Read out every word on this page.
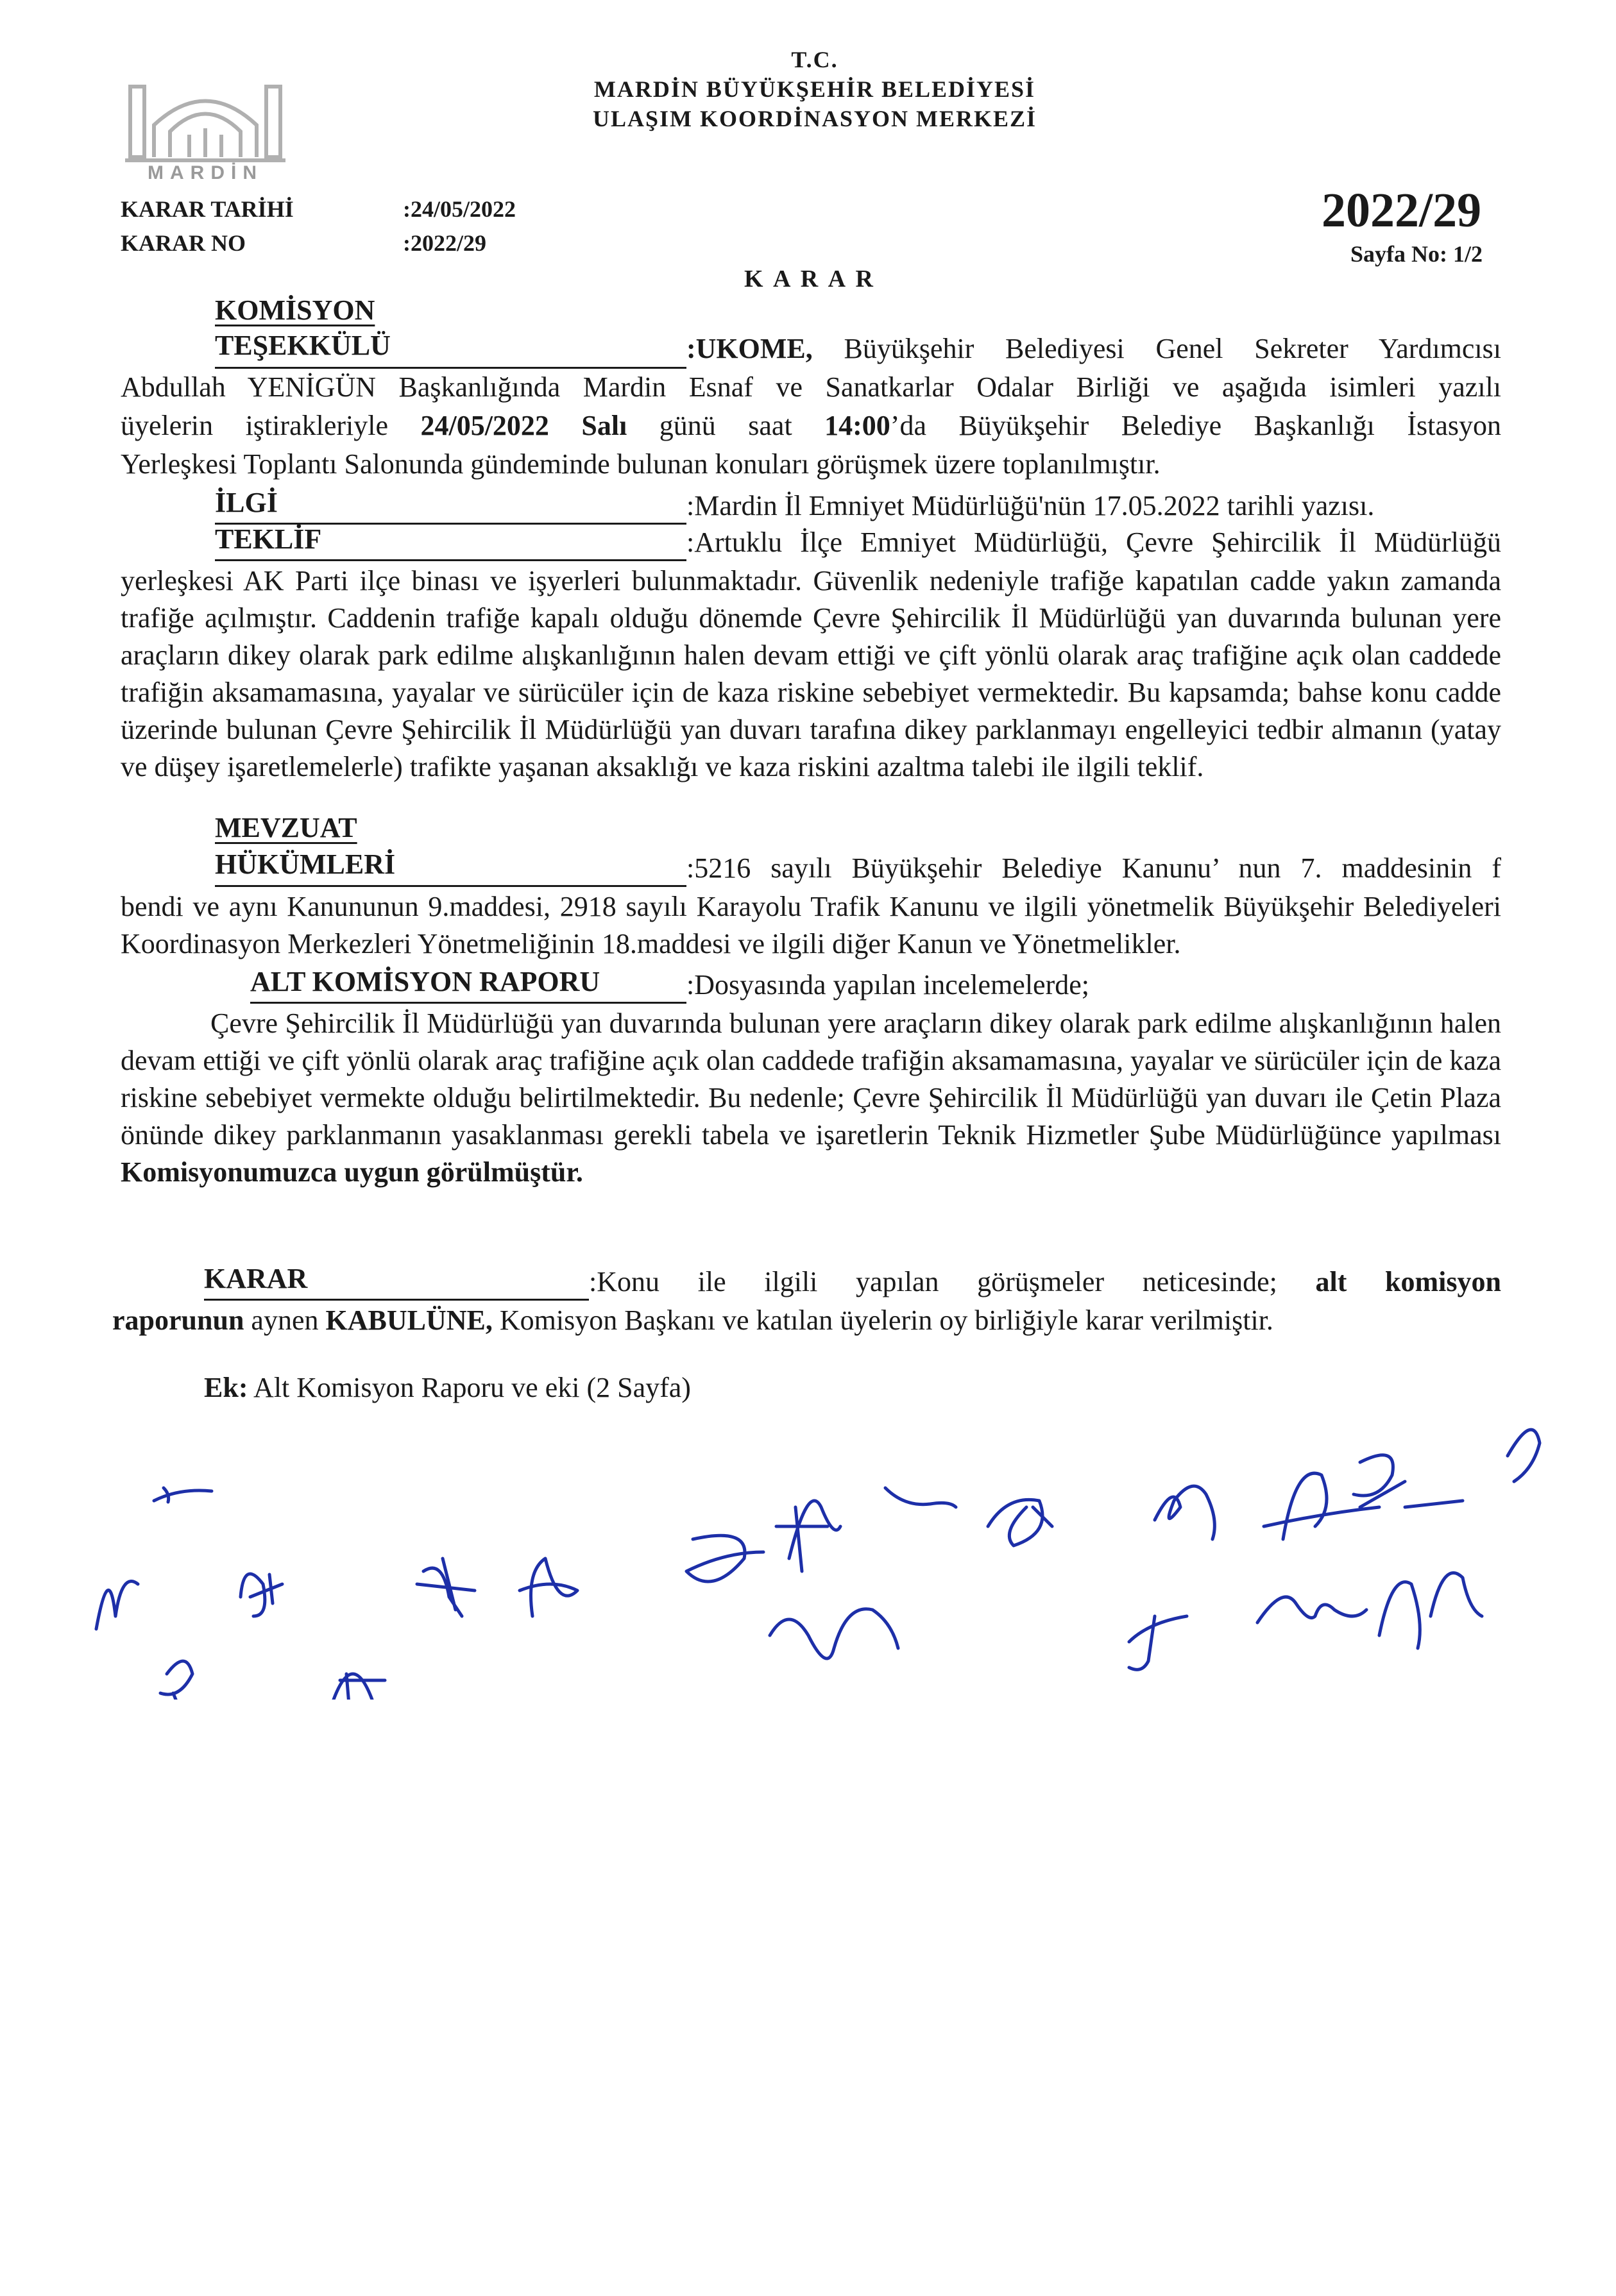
MARDİN
T.C.
MARDİN BÜYÜKŞEHİR BELEDİYESİ
ULAŞIM KOORDİNASYON MERKEZİ
KARAR TARİHİ	:24/05/2022
KARAR NO	:2022/29
2022/29
Sayfa No: 1/2
K A R A R
KOMİSYON
TEŞEKKÜLÜ	:UKOME, Büyükşehir Belediyesi Genel Sekreter Yardımcısı
Abdullah YENİGÜN Başkanlığında Mardin Esnaf ve Sanatkarlar Odalar Birliği ve aşağıda isimleri yazılı
üyelerin iştirakleriyle 24/05/2022 Salı günü saat 14:00’da Büyükşehir Belediye Başkanlığı İstasyon
Yerleşkesi Toplantı Salonunda gündeminde bulunan konuları görüşmek üzere toplanılmıştır.
İLGİ	:Mardin İl Emniyet Müdürlüğü'nün 17.05.2022 tarihli yazısı.
TEKLİF	:Artuklu İlçe Emniyet Müdürlüğü, Çevre Şehircilik İl Müdürlüğü
yerleşkesi AK Parti ilçe binası ve işyerleri bulunmaktadır. Güvenlik nedeniyle trafiğe kapatılan cadde yakın zamanda trafiğe açılmıştır. Caddenin trafiğe kapalı olduğu dönemde Çevre Şehircilik İl Müdürlüğü yan duvarında bulunan yere araçların dikey olarak park edilme alışkanlığının halen devam ettiği ve çift yönlü olarak araç trafiğine açık olan caddede trafiğin aksamamasına, yayalar ve sürücüler için de kaza riskine sebebiyet vermektedir. Bu kapsamda; bahse konu cadde üzerinde bulunan Çevre Şehircilik İl Müdürlüğü yan duvarı tarafına dikey parklanmayı engelleyici tedbir almanın (yatay ve düşey işaretlemelerle) trafikte yaşanan aksaklığı ve kaza riskini azaltma talebi ile ilgili teklif.
MEVZUAT
HÜKÜMLERİ	:5216 sayılı Büyükşehir Belediye Kanunu’ nun 7. maddesinin f
bendi ve aynı Kanununun 9.maddesi, 2918 sayılı Karayolu Trafik Kanunu ve ilgili yönetmelik Büyükşehir Belediyeleri Koordinasyon Merkezleri Yönetmeliğinin 18.maddesi ve ilgili diğer Kanun ve Yönetmelikler.
ALT KOMİSYON RAPORU	:Dosyasında yapılan incelemelerde;
Çevre Şehircilik İl Müdürlüğü yan duvarında bulunan yere araçların dikey olarak park edilme alışkanlığının halen devam ettiği ve çift yönlü olarak araç trafiğine açık olan caddede trafiğin aksamamasına, yayalar ve sürücüler için de kaza riskine sebebiyet vermekte olduğu belirtilmektedir. Bu nedenle; Çevre Şehircilik İl Müdürlüğü yan duvarı ile Çetin Plaza önünde dikey parklanmanın yasaklanması gerekli tabela ve işaretlerin Teknik Hizmetler Şube Müdürlüğünce yapılması Komisyonumuzca uygun görülmüştür.
KARAR	:Konu ile ilgili yapılan görüşmeler neticesinde; alt komisyon
raporunun aynen KABULÜNE, Komisyon Başkanı ve katılan üyelerin oy birliğiyle karar verilmiştir.
Ek: Alt Komisyon Raporu ve eki (2 Sayfa)
